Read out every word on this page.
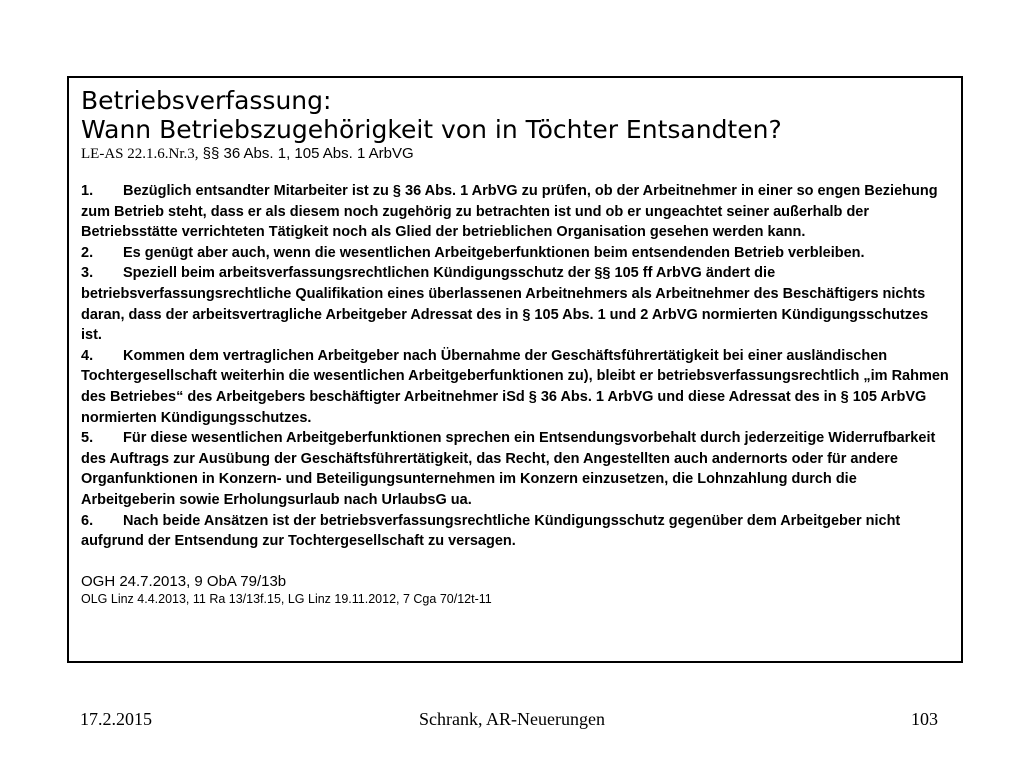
Betriebsverfassung:

Wann Betriebszugehörigkeit von in Töchter Entsandten?

LE-AS 22.1.6.Nr.3, §§ 36 Abs. 1, 105 Abs. 1 ArbVG

1. Bezüglich entsandter Mitarbeiter ist zu § 36 Abs. 1 ArbVG zu prüfen, ob der Arbeitnehmer in einer so engen Beziehung zum Betrieb steht, dass er als diesem noch zugehörig zu betrachten ist und ob er ungeachtet seiner außerhalb der Betriebsstätte verrichteten Tätigkeit noch als Glied der betrieblichen Organisation gesehen werden kann.

2. Es genügt aber auch, wenn die wesentlichen Arbeitgeberfunktionen beim entsendenden Betrieb verbleiben.

3. Speziell beim arbeitsverfassungsrechtlichen Kündigungsschutz der §§ 105 ff ArbVG ändert die betriebsverfassungsrechtliche Qualifikation eines überlassenen Arbeitnehmers als Arbeitnehmer des Beschäftigers nichts daran, dass der arbeitsvertragliche Arbeitgeber Adressat des in § 105 Abs. 1 und 2 ArbVG normierten Kündigungsschutzes ist.

4. Kommen dem vertraglichen Arbeitgeber nach Übernahme der Geschäftsführertätigkeit bei einer ausländischen Tochtergesellschaft weiterhin die wesentlichen Arbeitgeberfunktionen zu), bleibt er betriebsverfassungsrechtlich „im Rahmen des Betriebes“ des Arbeitgebers beschäftigter Arbeitnehmer iSd § 36 Abs. 1 ArbVG und diese Adressat des in § 105 ArbVG normierten Kündigungsschutzes.

5. Für diese wesentlichen Arbeitgeberfunktionen sprechen ein Entsendungsvorbehalt durch jederzeitige Widerrufbarkeit des Auftrags zur Ausübung der Geschäftsführertätigkeit, das Recht, den Angestellten auch andernorts oder für andere Organfunktionen in Konzern- und Beteiligungsunternehmen im Konzern einzusetzen, die Lohnzahlung durch die Arbeitgeberin sowie Erholungsurlaub nach UrlaubsG ua.

6. Nach beide Ansätzen ist der betriebsverfassungsrechtliche Kündigungsschutz gegenüber dem Arbeitgeber nicht aufgrund der Entsendung zur Tochtergesellschaft zu versagen.

OGH 24.7.2013, 9 ObA 79/13b

OLG Linz 4.4.2013, 11 Ra 13/13f.15, LG Linz 19.11.2012, 7 Cga 70/12t-11

17.2.2015	Schrank, AR-Neuerungen	103
